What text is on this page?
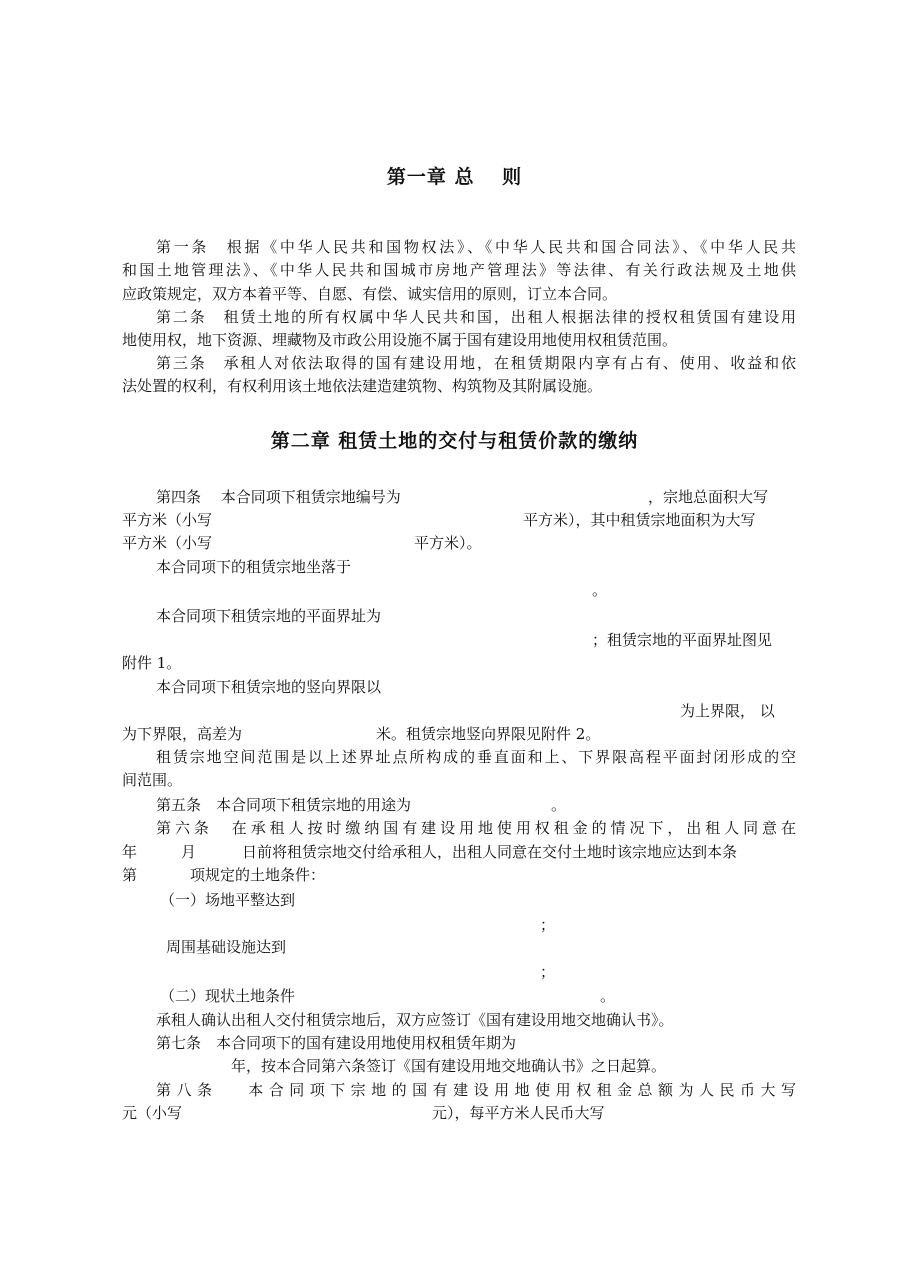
第一章 总　 则
第一条　根据《中华人民共和国物权法》、《中华人民共和国合同法》、《中华人民共
和国土地管理法》、《中华人民共和国城市房地产管理法》等法律、有关行政法规及土地供
应政策规定，双方本着平等、自愿、有偿、诚实信用的原则，订立本合同。
第二条　租赁土地的所有权属中华人民共和国，出租人根据法律的授权租赁国有建设用
地使用权，地下资源、埋藏物及市政公用设施不属于国有建设用地使用权租赁范围。
第三条　承租人对依法取得的国有建设用地，在租赁期限内享有占有、使用、收益和依
法处置的权利，有权利用该土地依法建造建筑物、构筑物及其附属设施。
第二章 租赁土地的交付与租赁价款的缴纳
第四条　 本合同项下租赁宗地编号为	，宗地总面积大写
平方米（小写	平方米），其中租赁宗地面积为大写
平方米（小写	平方米）。
本合同项下的租赁宗地坐落于
。
本合同项下租赁宗地的平面界址为
；租赁宗地的平面界址图见
附件 1。
本合同项下租赁宗地的竖向界限以
为上界限， 以
为下界限，高差为	米。租赁宗地竖向界限见附件 2。
租赁宗地空间范围是以上述界址点所构成的垂直面和上、下界限高程平面封闭形成的空
间范围。
第五条　本合同项下租赁宗地的用途为	。
第六条　在承租人按时缴纳国有建设用地使用权租金的情况下，出租人同意在
年	月	日前将租赁宗地交付给承租人，出租人同意在交付土地时该宗地应达到本条
第	项规定的土地条件：
（一）场地平整达到
；
周围基础设施达到
；
（二）现状土地条件	。
承租人确认出租人交付租赁宗地后，双方应签订《国有建设用地交地确认书》。
第七条　本合同项下的国有建设用地使用权租赁年期为
年，按本合同第六条签订《国有建设用地交地确认书》之日起算。
第八条　 本合同项下宗地的国有建设用地使用权租金总额为人民币大写
元（小写	元），每平方米人民币大写
